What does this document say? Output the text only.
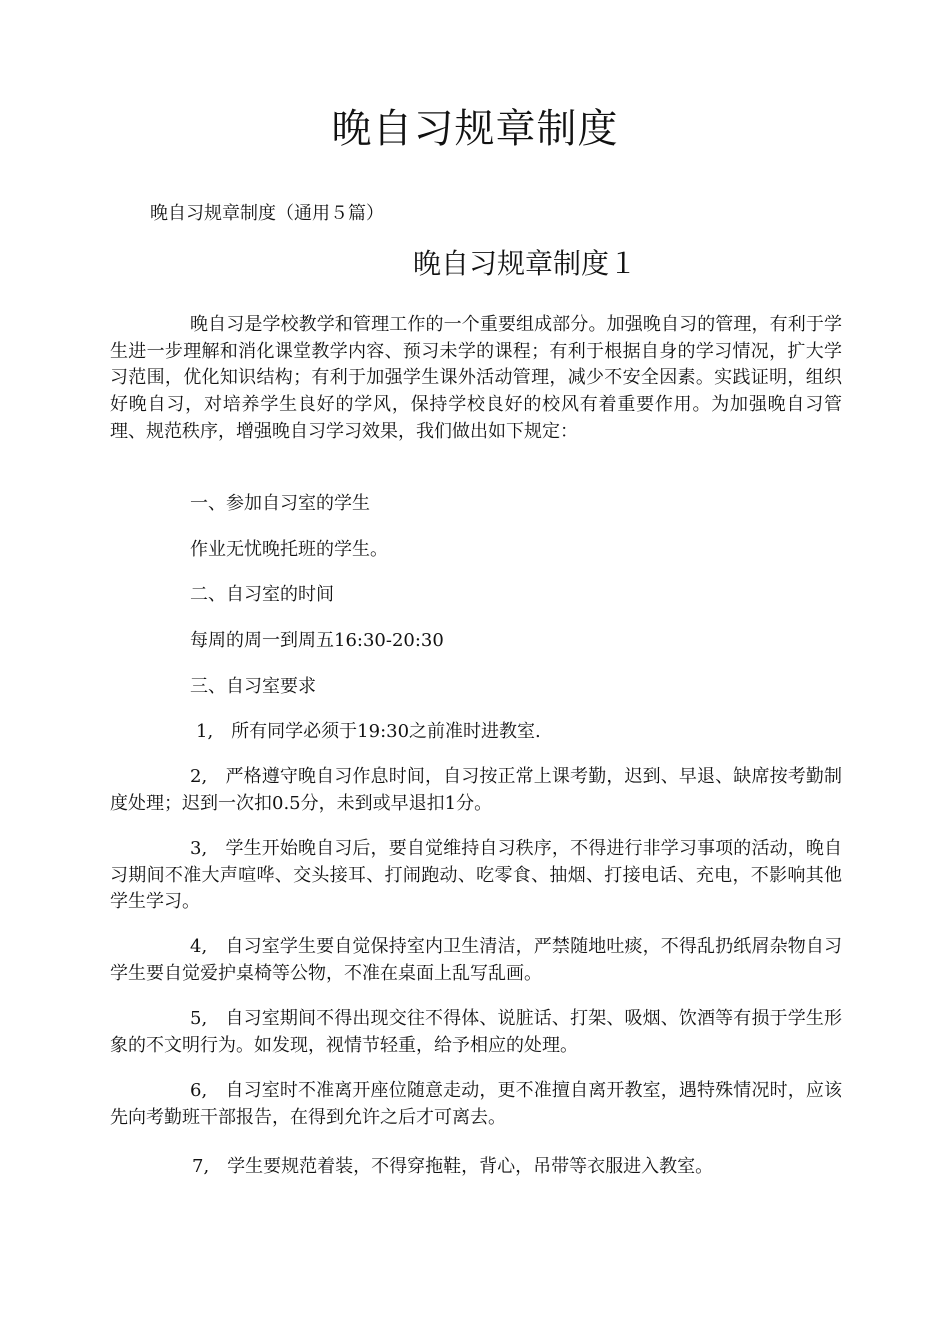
晚自习规章制度

晚自习规章制度（通用５篇）

晚自习规章制度１

晚自习是学校教学和管理工作的一个重要组成部分。加强晚自习的管理，有利于学生进一步理解和消化课堂教学内容、预习未学的课程；有利于根据自身的学习情况，扩大学习范围，优化知识结构；有利于加强学生课外活动管理，减少不安全因素。实践证明，组织好晚自习，对培养学生良好的学风，保持学校良好的校风有着重要作用。为加强晚自习管理、规范秩序，增强晚自习学习效果，我们做出如下规定：

一、参加自习室的学生

作业无忧晚托班的学生。

二、自习室的时间

每周的周一到周五16:30-20:30

三、自习室要求

1,　所有同学必须于19:30之前准时进教室.

2,　严格遵守晚自习作息时间，自习按正常上课考勤，迟到、早退、缺席按考勤制度处理；迟到一次扣0.5分，未到或早退扣1分。

3,　学生开始晚自习后，要自觉维持自习秩序，不得进行非学习事项的活动，晚自习期间不准大声喧哗、交头接耳、打闹跑动、吃零食、抽烟、打接电话、充电，不影响其他学生学习。

4,　自习室学生要自觉保持室内卫生清洁，严禁随地吐痰，不得乱扔纸屑杂物自习学生要自觉爱护桌椅等公物，不准在桌面上乱写乱画。

5,　自习室期间不得出现交往不得体、说脏话、打架、吸烟、饮酒等有损于学生形象的不文明行为。如发现，视情节轻重，给予相应的处理。

6,　自习室时不准离开座位随意走动，更不准擅自离开教室，遇特殊情况时，应该先向考勤班干部报告，在得到允许之后才可离去。

7,　学生要规范着装，不得穿拖鞋，背心，吊带等衣服进入教室。
